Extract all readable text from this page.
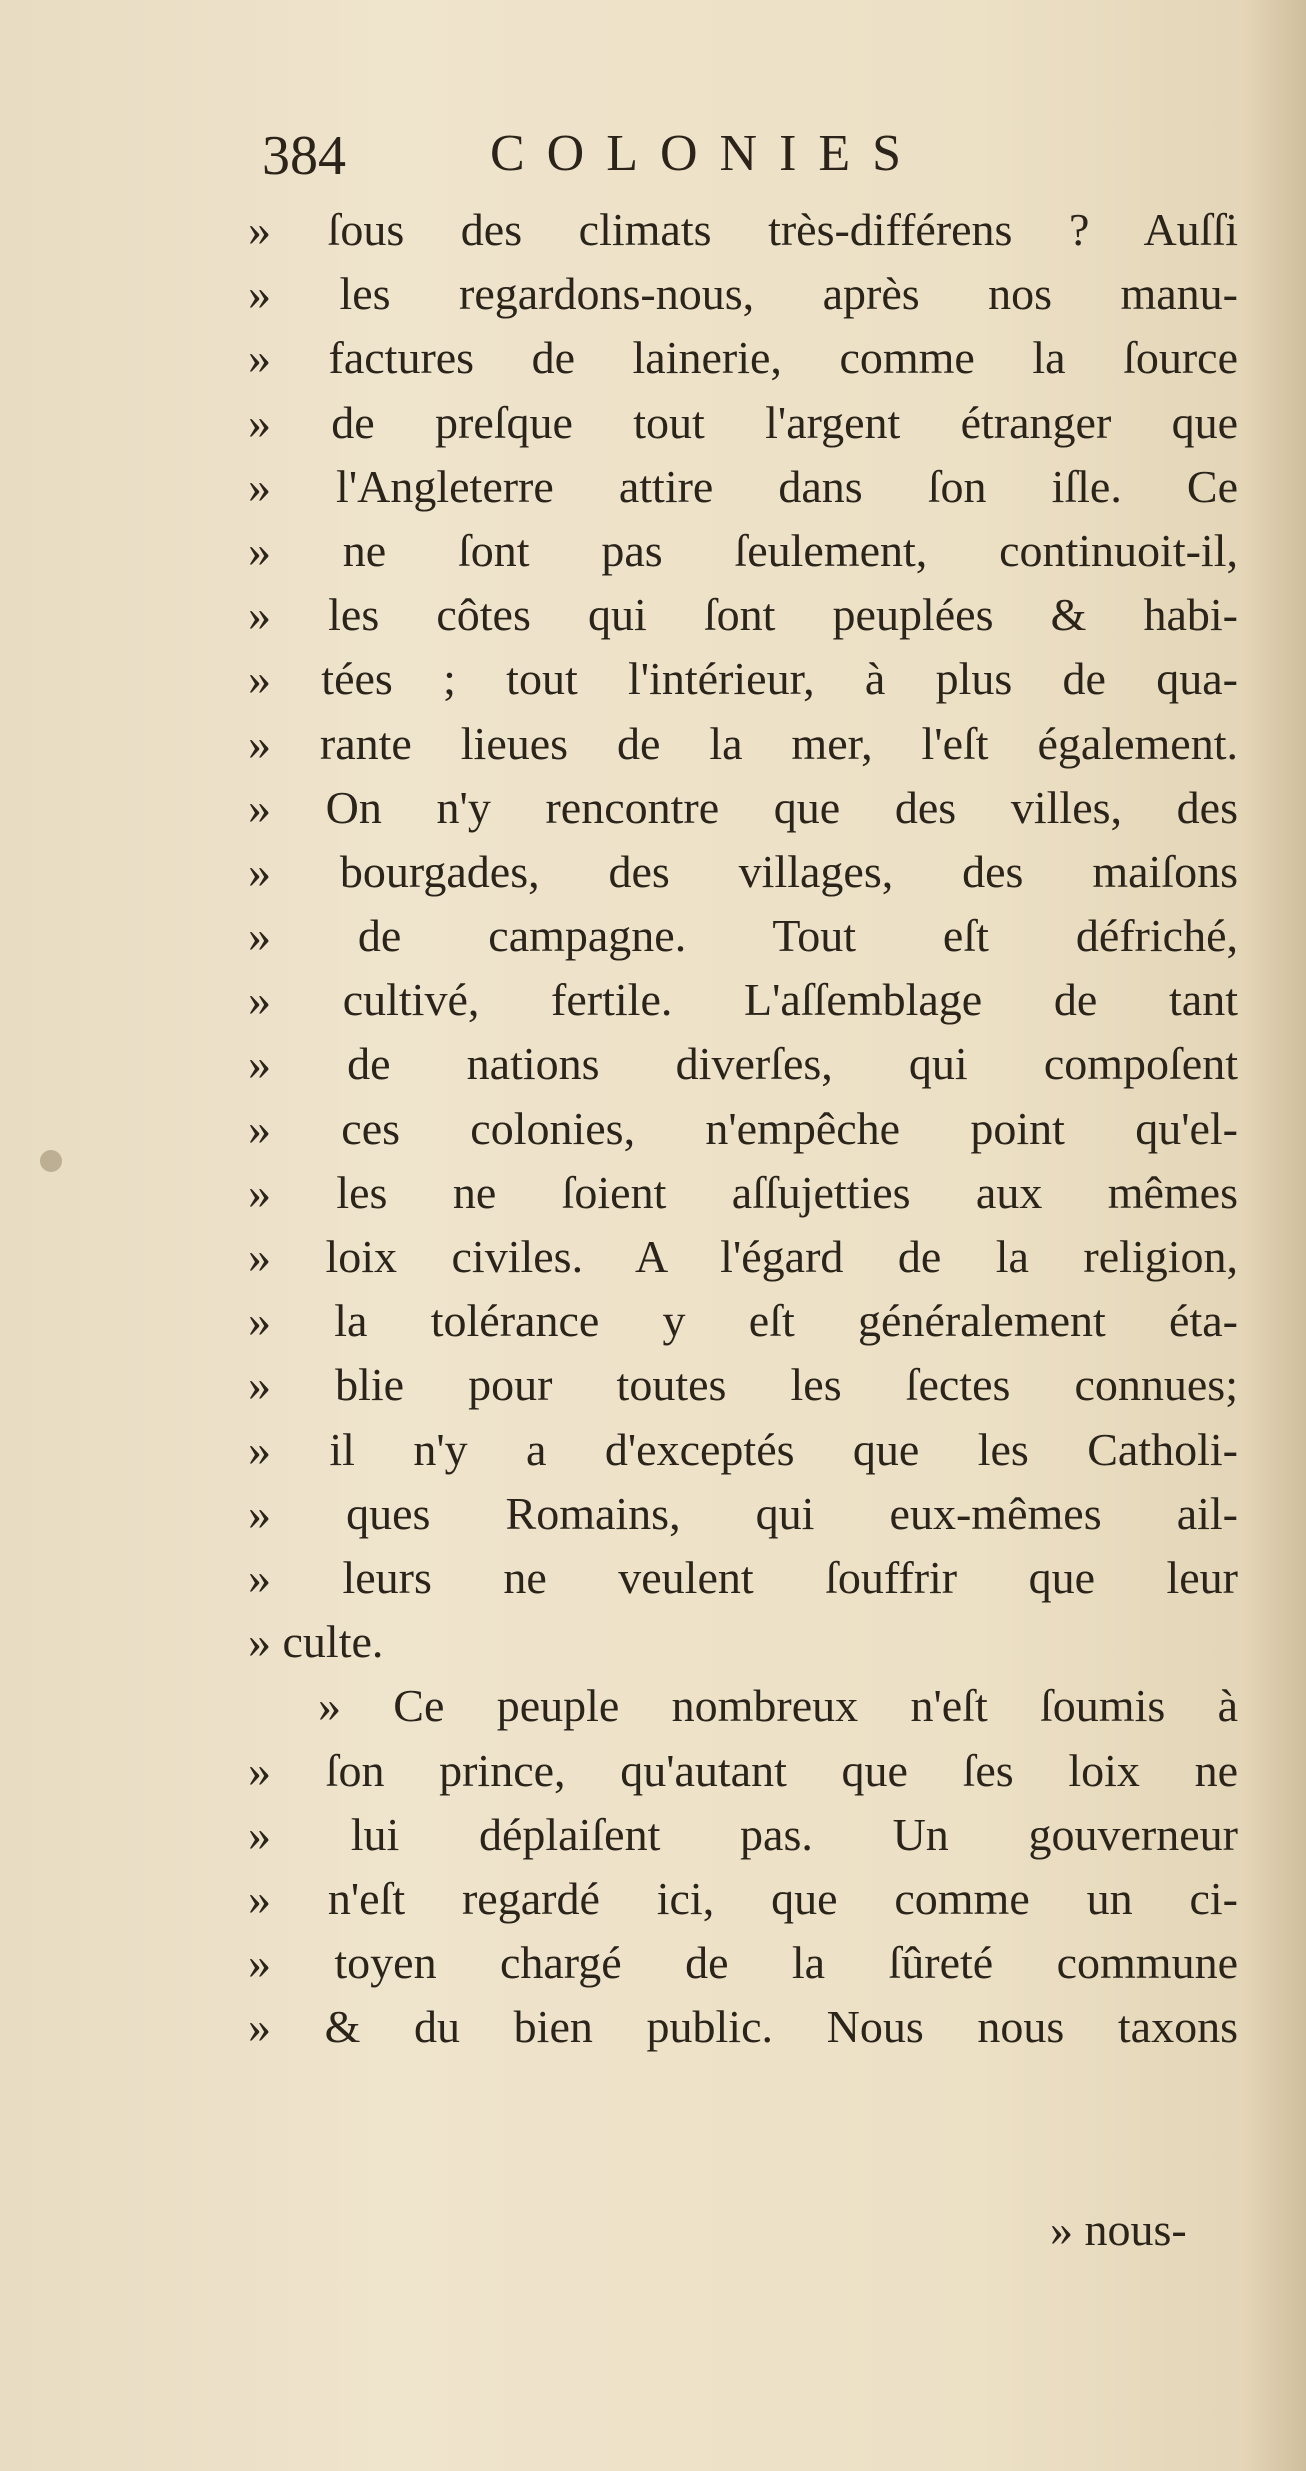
384	COLONIES
» ſous des climats très-différens ? Auſſi
» les regardons-nous, après nos manu-
» factures de lainerie, comme la ſource
» de preſque tout l'argent étranger que
» l'Angleterre attire dans ſon iſle. Ce
» ne ſont pas ſeulement, continuoit-il,
» les côtes qui ſont peuplées & habi-
» tées ; tout l'intérieur, à plus de qua-
» rante lieues de la mer, l'eſt également.
» On n'y rencontre que des villes, des
» bourgades, des villages, des maiſons
» de campagne. Tout eſt défriché,
» cultivé, fertile. L'aſſemblage de tant
» de nations diverſes, qui compoſent
» ces colonies, n'empêche point qu'el-
» les ne ſoient aſſujetties aux mêmes
» loix civiles. A l'égard de la religion,
» la tolérance y eſt généralement éta-
» blie pour toutes les ſectes connues;
» il n'y a d'exceptés que les Catholi-
» ques Romains, qui eux-mêmes ail-
» leurs ne veulent ſouffrir que leur
» culte.
» Ce peuple nombreux n'eſt ſoumis à
» ſon prince, qu'autant que ſes loix ne
» lui déplaiſent pas. Un gouverneur
» n'eſt regardé ici, que comme un ci-
» toyen chargé de la ſûreté commune
» & du bien public. Nous nous taxons
» nous-
